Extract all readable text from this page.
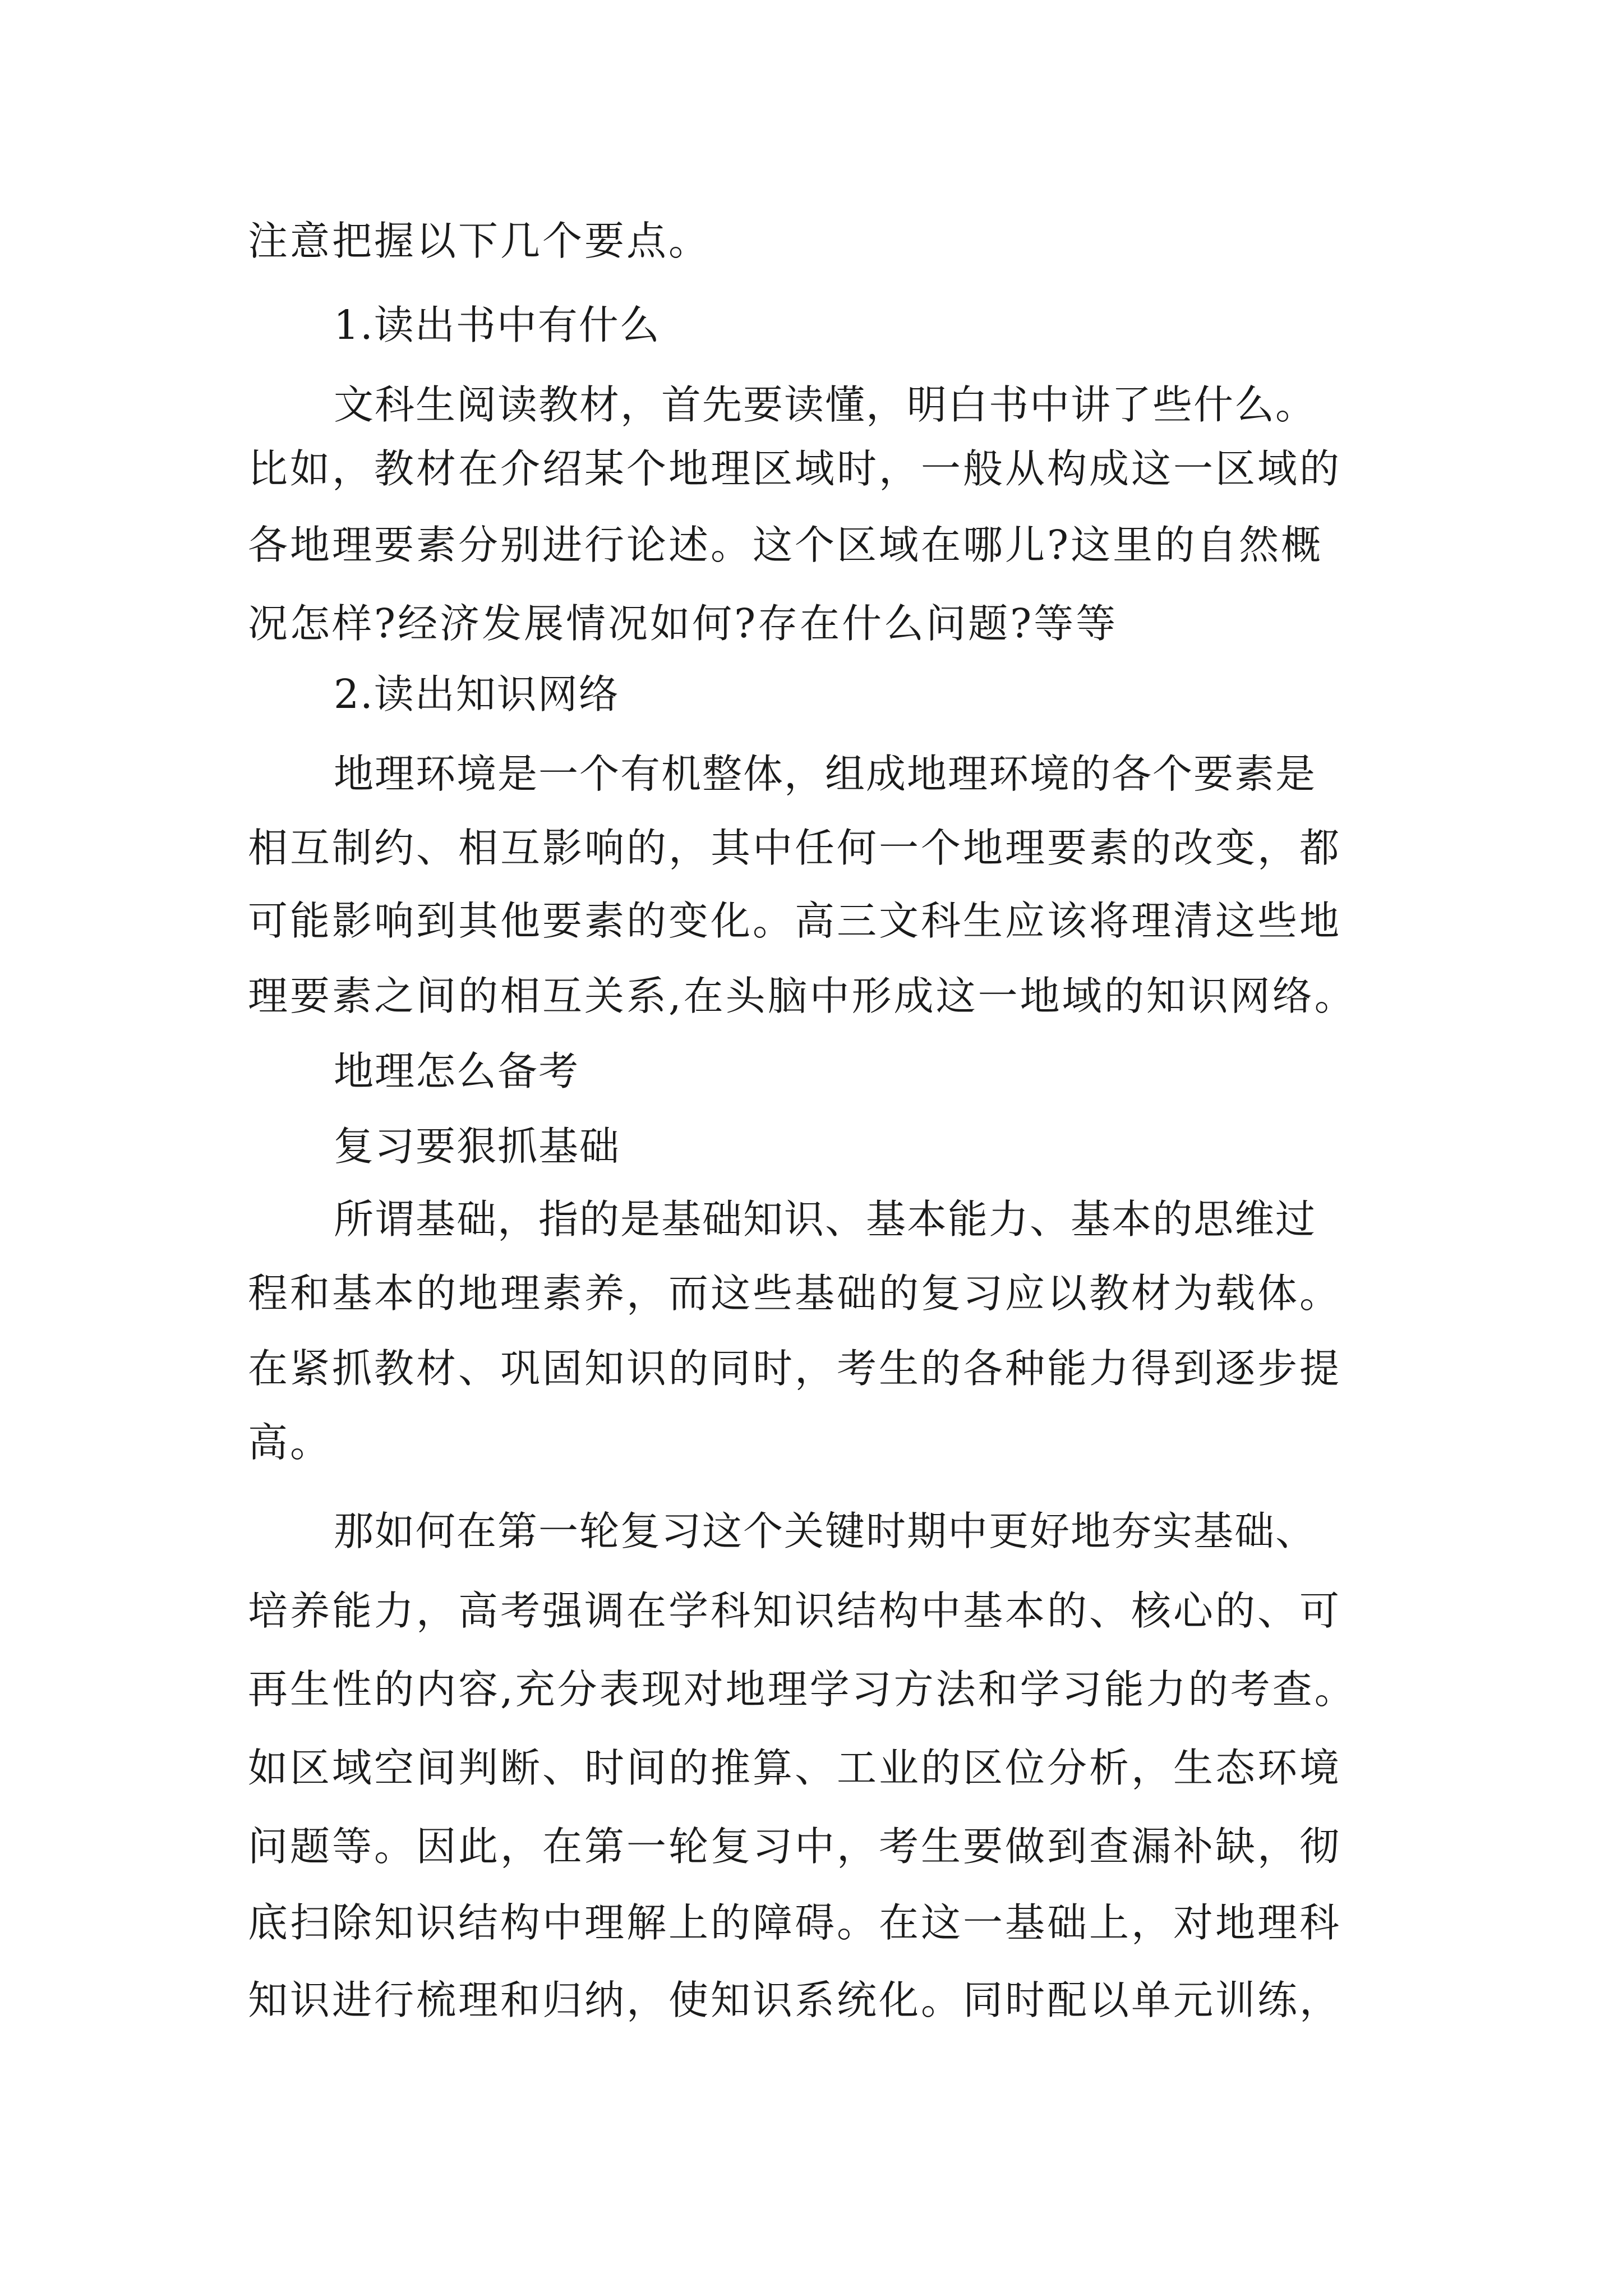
注意把握以下几个要点。
1.读出书中有什么
文科生阅读教材，首先要读懂，明白书中讲了些什么。
比如，教材在介绍某个地理区域时，一般从构成这一区域的
各地理要素分别进行论述。这个区域在哪儿?这里的自然概
况怎样?经济发展情况如何?存在什么问题?等等
2.读出知识网络
地理环境是一个有机整体，组成地理环境的各个要素是
相互制约、相互影响的，其中任何一个地理要素的改变，都
可能影响到其他要素的变化。高三文科生应该将理清这些地
理要素之间的相互关系,在头脑中形成这一地域的知识网络。
地理怎么备考
复习要狠抓基础
所谓基础，指的是基础知识、基本能力、基本的思维过
程和基本的地理素养，而这些基础的复习应以教材为载体。
在紧抓教材、巩固知识的同时，考生的各种能力得到逐步提
高。
那如何在第一轮复习这个关键时期中更好地夯实基础、
培养能力，高考强调在学科知识结构中基本的、核心的、可
再生性的内容,充分表现对地理学习方法和学习能力的考查。
如区域空间判断、时间的推算、工业的区位分析，生态环境
问题等。因此，在第一轮复习中，考生要做到查漏补缺，彻
底扫除知识结构中理解上的障碍。在这一基础上，对地理科
知识进行梳理和归纳，使知识系统化。同时配以单元训练，
